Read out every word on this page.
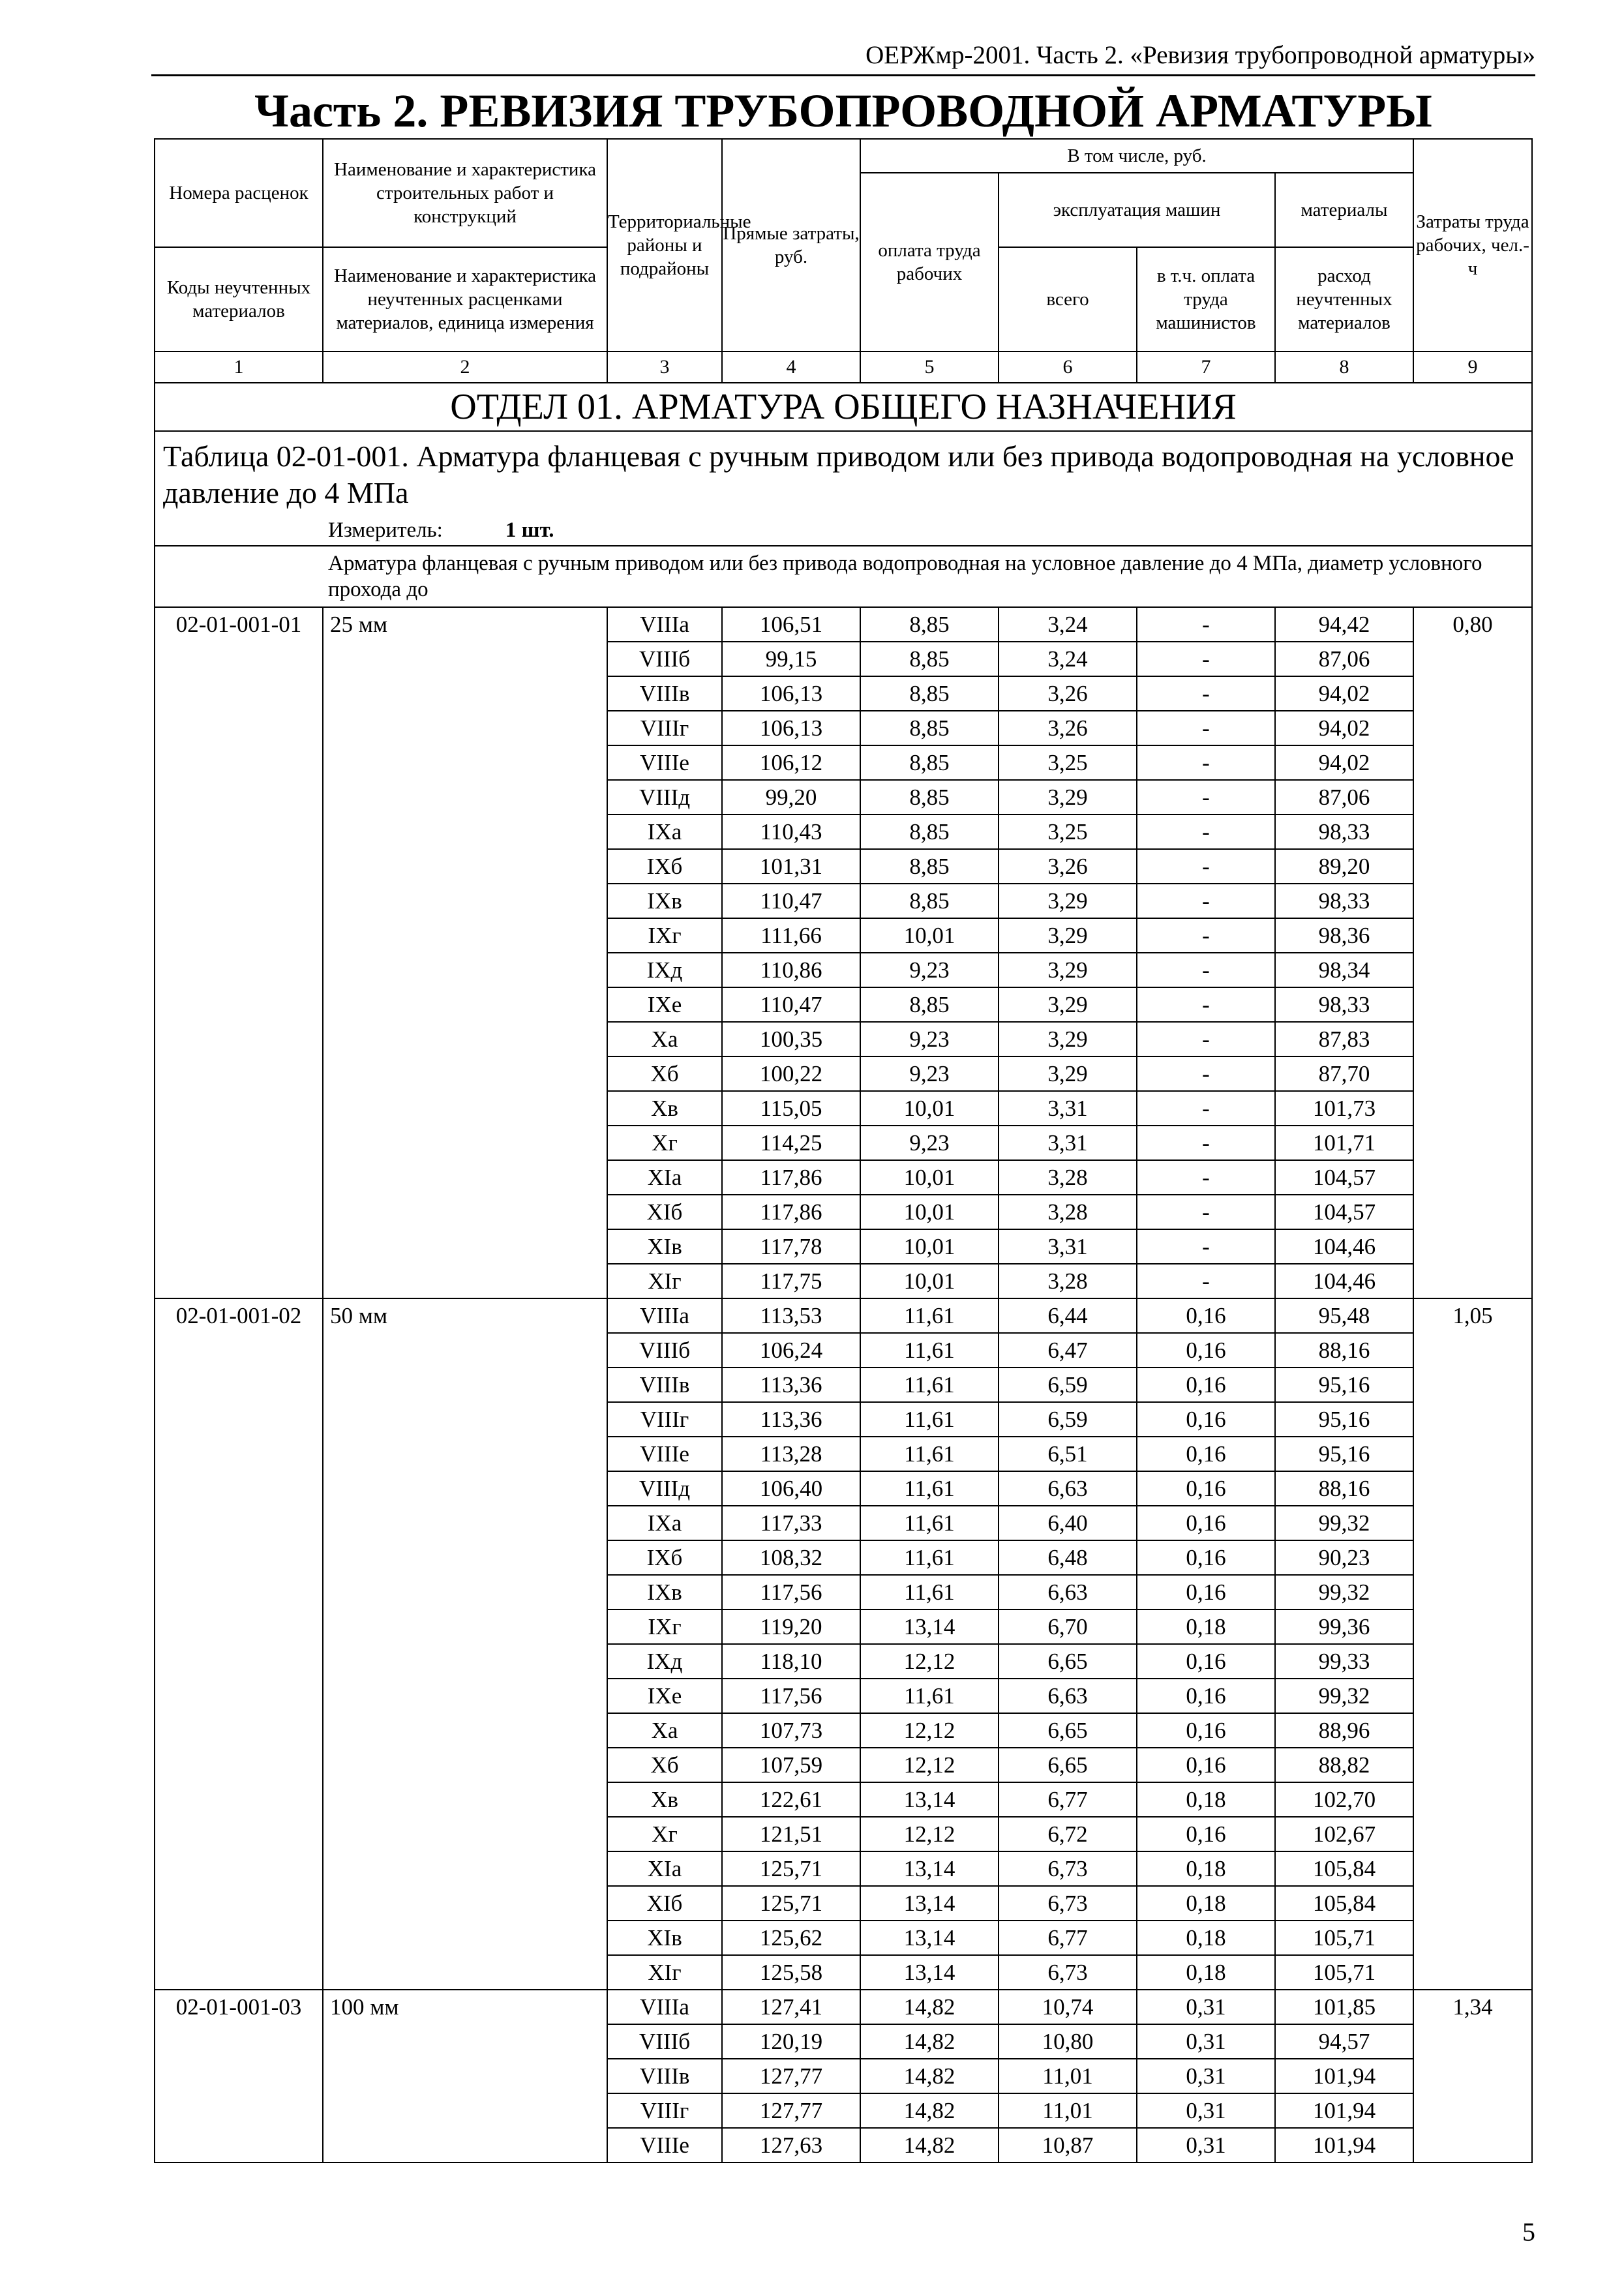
ОЕРЖмр-2001. Часть 2. «Ревизия трубопроводной арматуры»
Часть 2. РЕВИЗИЯ ТРУБОПРОВОДНОЙ АРМАТУРЫ
Номера расценок	Наименование и характеристика строительных работ и конструкций	Территориальные районы и подрайоны	Прямые затраты, руб.	В том числе, руб.				Затраты труда рабочих, чел.-ч
				оплата труда рабочих	эксплуатация машин		материалы	
Коды неучтенных материалов	Наименование и характеристика неучтенных расценками материалов, единица измерения				всего	в т.ч. оплата труда машинистов	расход неучтенных материалов	

1	2	3	4	5	6	7	8	9
ОТДЕЛ 01. АРМАТУРА ОБЩЕГО НАЗНАЧЕНИЯ								
Таблица 02-01-001. Арматура фланцевая с ручным приводом или без привода водопроводная на условное давление до 4 МПа								
	Измеритель: 1 шт.							
	Арматура фланцевая с ручным приводом или без привода водопроводная на условное давление до 4 МПа, диаметр условного прохода до							
02-01-001-01	25 мм	VIIIа	106,51	8,85	3,24	-	94,42	0,80
		VIIIб	99,15	8,85	3,24	-	87,06	
		VIIIв	106,13	8,85	3,26	-	94,02	
		VIIIг	106,13	8,85	3,26	-	94,02	
		VIIIе	106,12	8,85	3,25	-	94,02	
		VIIIд	99,20	8,85	3,29	-	87,06	
		IXа	110,43	8,85	3,25	-	98,33	
		IXб	101,31	8,85	3,26	-	89,20	
		IXв	110,47	8,85	3,29	-	98,33	
		IXг	111,66	10,01	3,29	-	98,36	
		IXд	110,86	9,23	3,29	-	98,34	
		IXе	110,47	8,85	3,29	-	98,33	
		Xа	100,35	9,23	3,29	-	87,83	
		Xб	100,22	9,23	3,29	-	87,70	
		Xв	115,05	10,01	3,31	-	101,73	
		Xг	114,25	9,23	3,31	-	101,71	
		XIа	117,86	10,01	3,28	-	104,57	
		XIб	117,86	10,01	3,28	-	104,57	
		XIв	117,78	10,01	3,31	-	104,46	
		XIг	117,75	10,01	3,28	-	104,46	
02-01-001-02	50 мм	VIIIа	113,53	11,61	6,44	0,16	95,48	1,05
		VIIIб	106,24	11,61	6,47	0,16	88,16	
		VIIIв	113,36	11,61	6,59	0,16	95,16	
		VIIIг	113,36	11,61	6,59	0,16	95,16	
		VIIIе	113,28	11,61	6,51	0,16	95,16	
		VIIIд	106,40	11,61	6,63	0,16	88,16	
		IXа	117,33	11,61	6,40	0,16	99,32	
		IXб	108,32	11,61	6,48	0,16	90,23	
		IXв	117,56	11,61	6,63	0,16	99,32	
		IXг	119,20	13,14	6,70	0,18	99,36	
		IXд	118,10	12,12	6,65	0,16	99,33	
		IXе	117,56	11,61	6,63	0,16	99,32	
		Xа	107,73	12,12	6,65	0,16	88,96	
		Xб	107,59	12,12	6,65	0,16	88,82	
		Xв	122,61	13,14	6,77	0,18	102,70	
		Xг	121,51	12,12	6,72	0,16	102,67	
		XIа	125,71	13,14	6,73	0,18	105,84	
		XIб	125,71	13,14	6,73	0,18	105,84	
		XIв	125,62	13,14	6,77	0,18	105,71	
		XIг	125,58	13,14	6,73	0,18	105,71	
02-01-001-03	100 мм	VIIIа	127,41	14,82	10,74	0,31	101,85	1,34
		VIIIб	120,19	14,82	10,80	0,31	94,57	
		VIIIв	127,77	14,82	11,01	0,31	101,94	
		VIIIг	127,77	14,82	11,01	0,31	101,94	
		VIIIе	127,63	14,82	10,87	0,31	101,94	
5
